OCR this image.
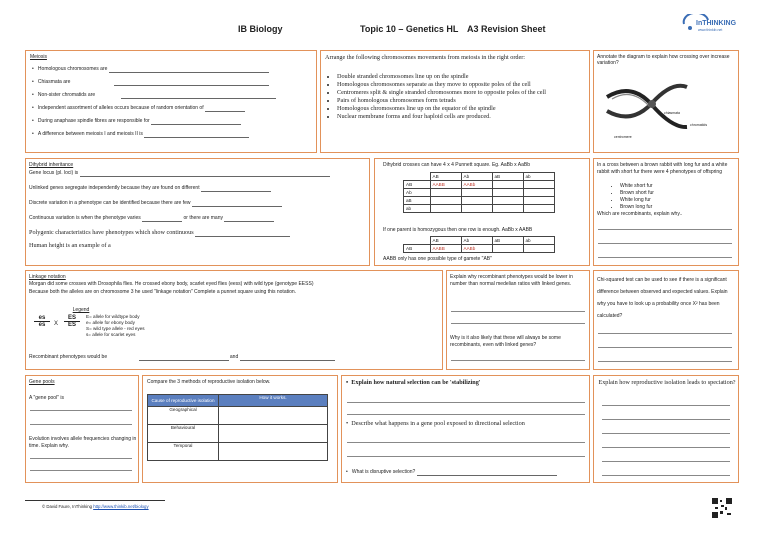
IB Biology	Topic 10 – Genetics HL A3 Revision Sheet
InTHINKING
www.thinkib.net
Meiosis
•   Homologous chromosomes are
•   Chiasmata are
•   Non-sister chromatids are
•   Independent assortment of alleles occurs because of random orientation of
•   During anaphase spindle fibres are responsible for
•   A difference between meiosis I and meiosis II is
Arrange the following chromosomes movements from meiosis in the right order:
• Double stranded chromosomes line up on the spindle
• Homologous chromosomes separate as they move to opposite poles of the cell
• Centromeres split & single stranded chromosomes more to opposite poles of the cell
• Pairs of homologous chromosomes form tetrads
• Homologous chromosomes line up on the equator of the spindle
• Nuclear membrane forms and four haploid cells are produced.
Annotate the diagram to explain how crossing over increase variation?
chiasmata
chromatids
centromere
Dihybrid inheritance
Gene locus (pl. loci) is
Unlinked genes segregate independently because they are found on different
Discrete variation in a phenotype can be identified because there are few
Continuous variation is when the phenotype varies	or there are many
Polygenic characteristics have phenotypes which show continuous
Human height is an example of a
Dihybrid crosses can have 4 x 4 Punnett square. Eg. AaBb x AaBb
	AB	Ab	aB	ab
AB	AABB	AABb		
Ab				
aB				
ab				
If one parent is homozygous then one row is enough. AaBb x AABB
	AB	Ab	aB	ab
AB	AABB	AABb		
AABB only has one possible type of gamete "AB"
In a cross between a brown rabbit with long fur and a white rabbit with short fur there were 4 phenotypes of offspring
• White short fur
• Brown short fur
• White long fur
• Brown long fur
Which are recombinants, explain why..
Linkage notation
Morgan did some crosses with Drosophila flies. He crossed ebony body, scarlet eyed flies (eess) with wild type (genotype EESS)
Because both the alleles are on chromosome 3 he used "linkage notation" Complete a punnet square using this notation.
Legend
es
es	X
ES
ES
E= allele for wildtype body
e= allele for ebony body
S= wild type allele - red eyes
s= allele for scarlet eyes
Recombinant phenotypes would be	and
Explain why recombinant phenotypes would be lower in number than normal medelian ratios with linked genes.
Why is it also likely that these will always be some recombinants, even with linked genes?
Chi-squared test can be used to see if there is a significant difference between observed and expected values. Explain why you have to look up a probability once X² has been calculated?
Gene pools
A "gene pool" is
Evolution involves allele frequencies changing in time. Explain why.
Compare the 3 methods of reproductive isolation below.
Cause of reproductive isolation	How it works.
Geographical	
Behavioural	
Temporal	
•  Explain how natural selection can be 'stabilizing'
•  Describe what happens in a gene pool exposed to directional selection
•   What is disruptive selection?
Explain how reproductive isolation leads to speciation?
© David Faure, InThinking http://www.thinkib.net/biology
